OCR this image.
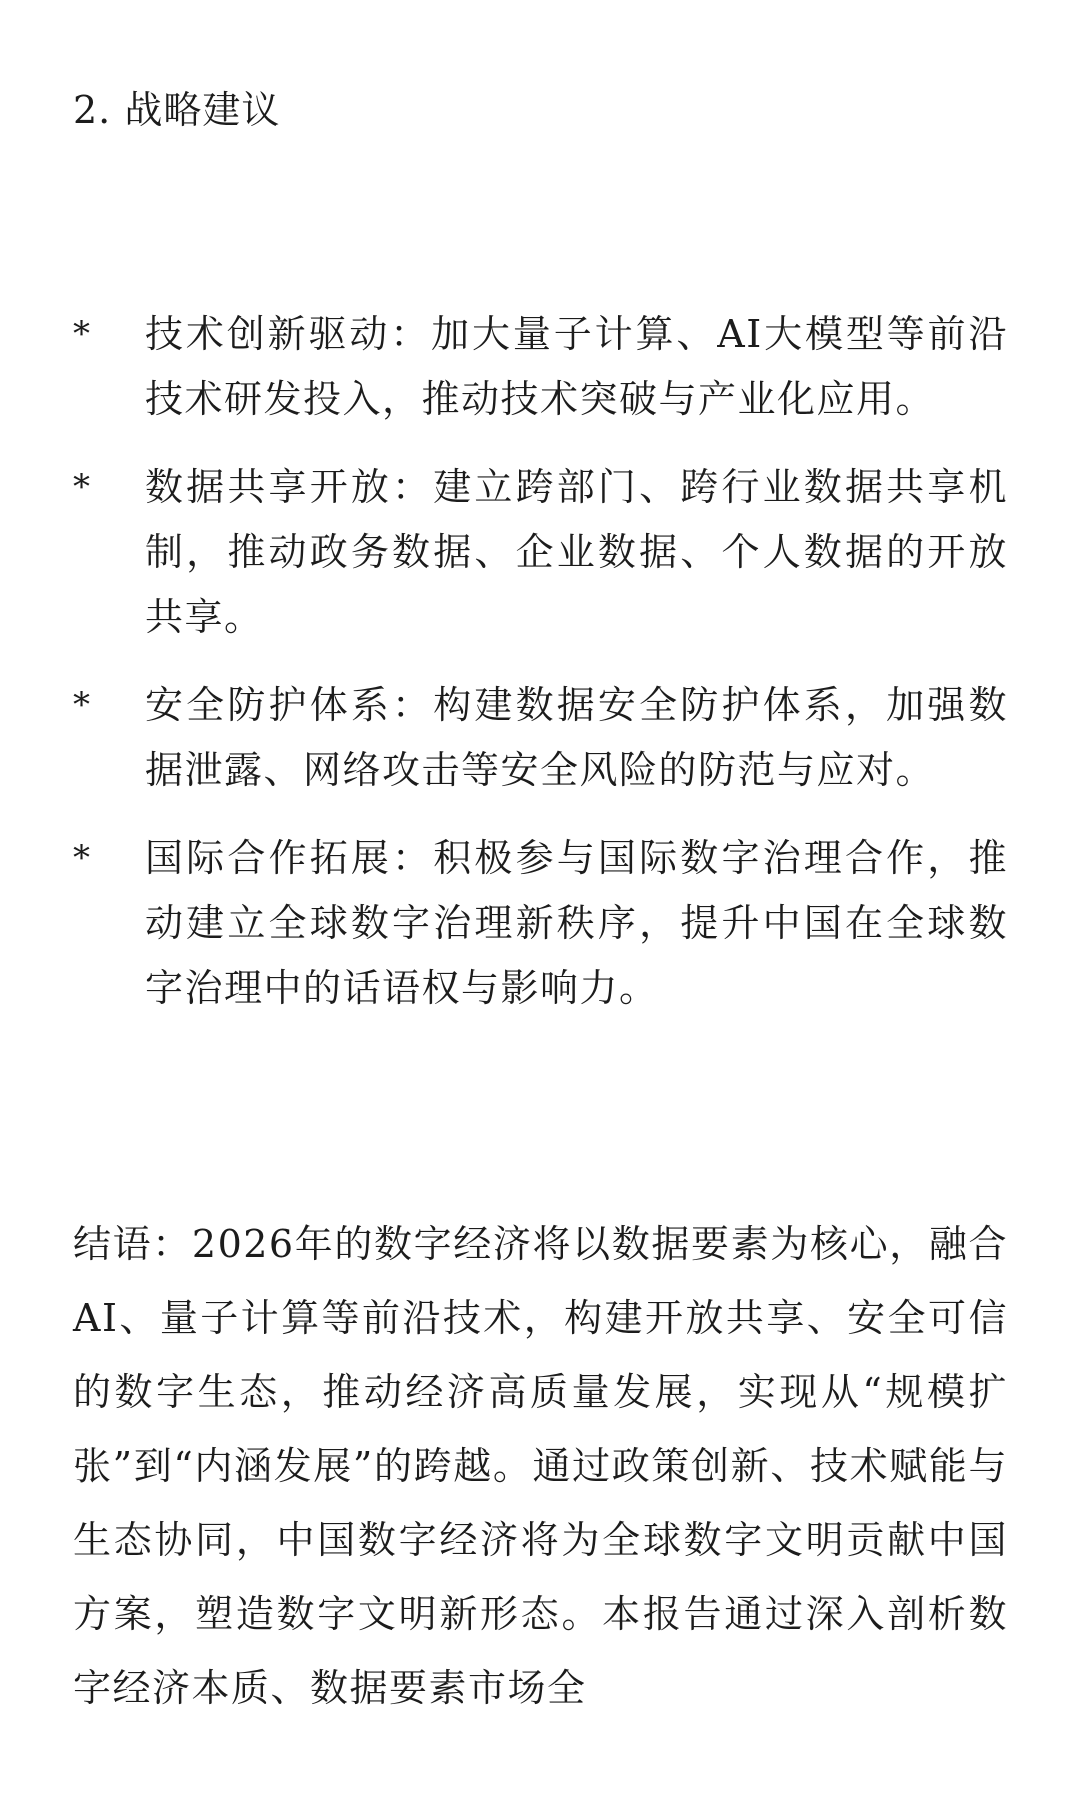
2. 战略建议
*	技术创新驱动：加大量子计算、AI大模型等前沿技术研发投入，推动技术突破与产业化应用。
*	数据共享开放：建立跨部门、跨行业数据共享机制，推动政务数据、企业数据、个人数据的开放共享。
*	安全防护体系：构建数据安全防护体系，加强数据泄露、网络攻击等安全风险的防范与应对。
*	国际合作拓展：积极参与国际数字治理合作，推动建立全球数字治理新秩序，提升中国在全球数字治理中的话语权与影响力。

结语：2026年的数字经济将以数据要素为核心，融合AI、量子计算等前沿技术，构建开放共享、安全可信的数字生态，推动经济高质量发展，实现从“规模扩张”到“内涵发展”的跨越。通过政策创新、技术赋能与生态协同，中国数字经济将为全球数字文明贡献中国方案，塑造数字文明新形态。本报告通过深入剖析数字经济本质、数据要素市场全
